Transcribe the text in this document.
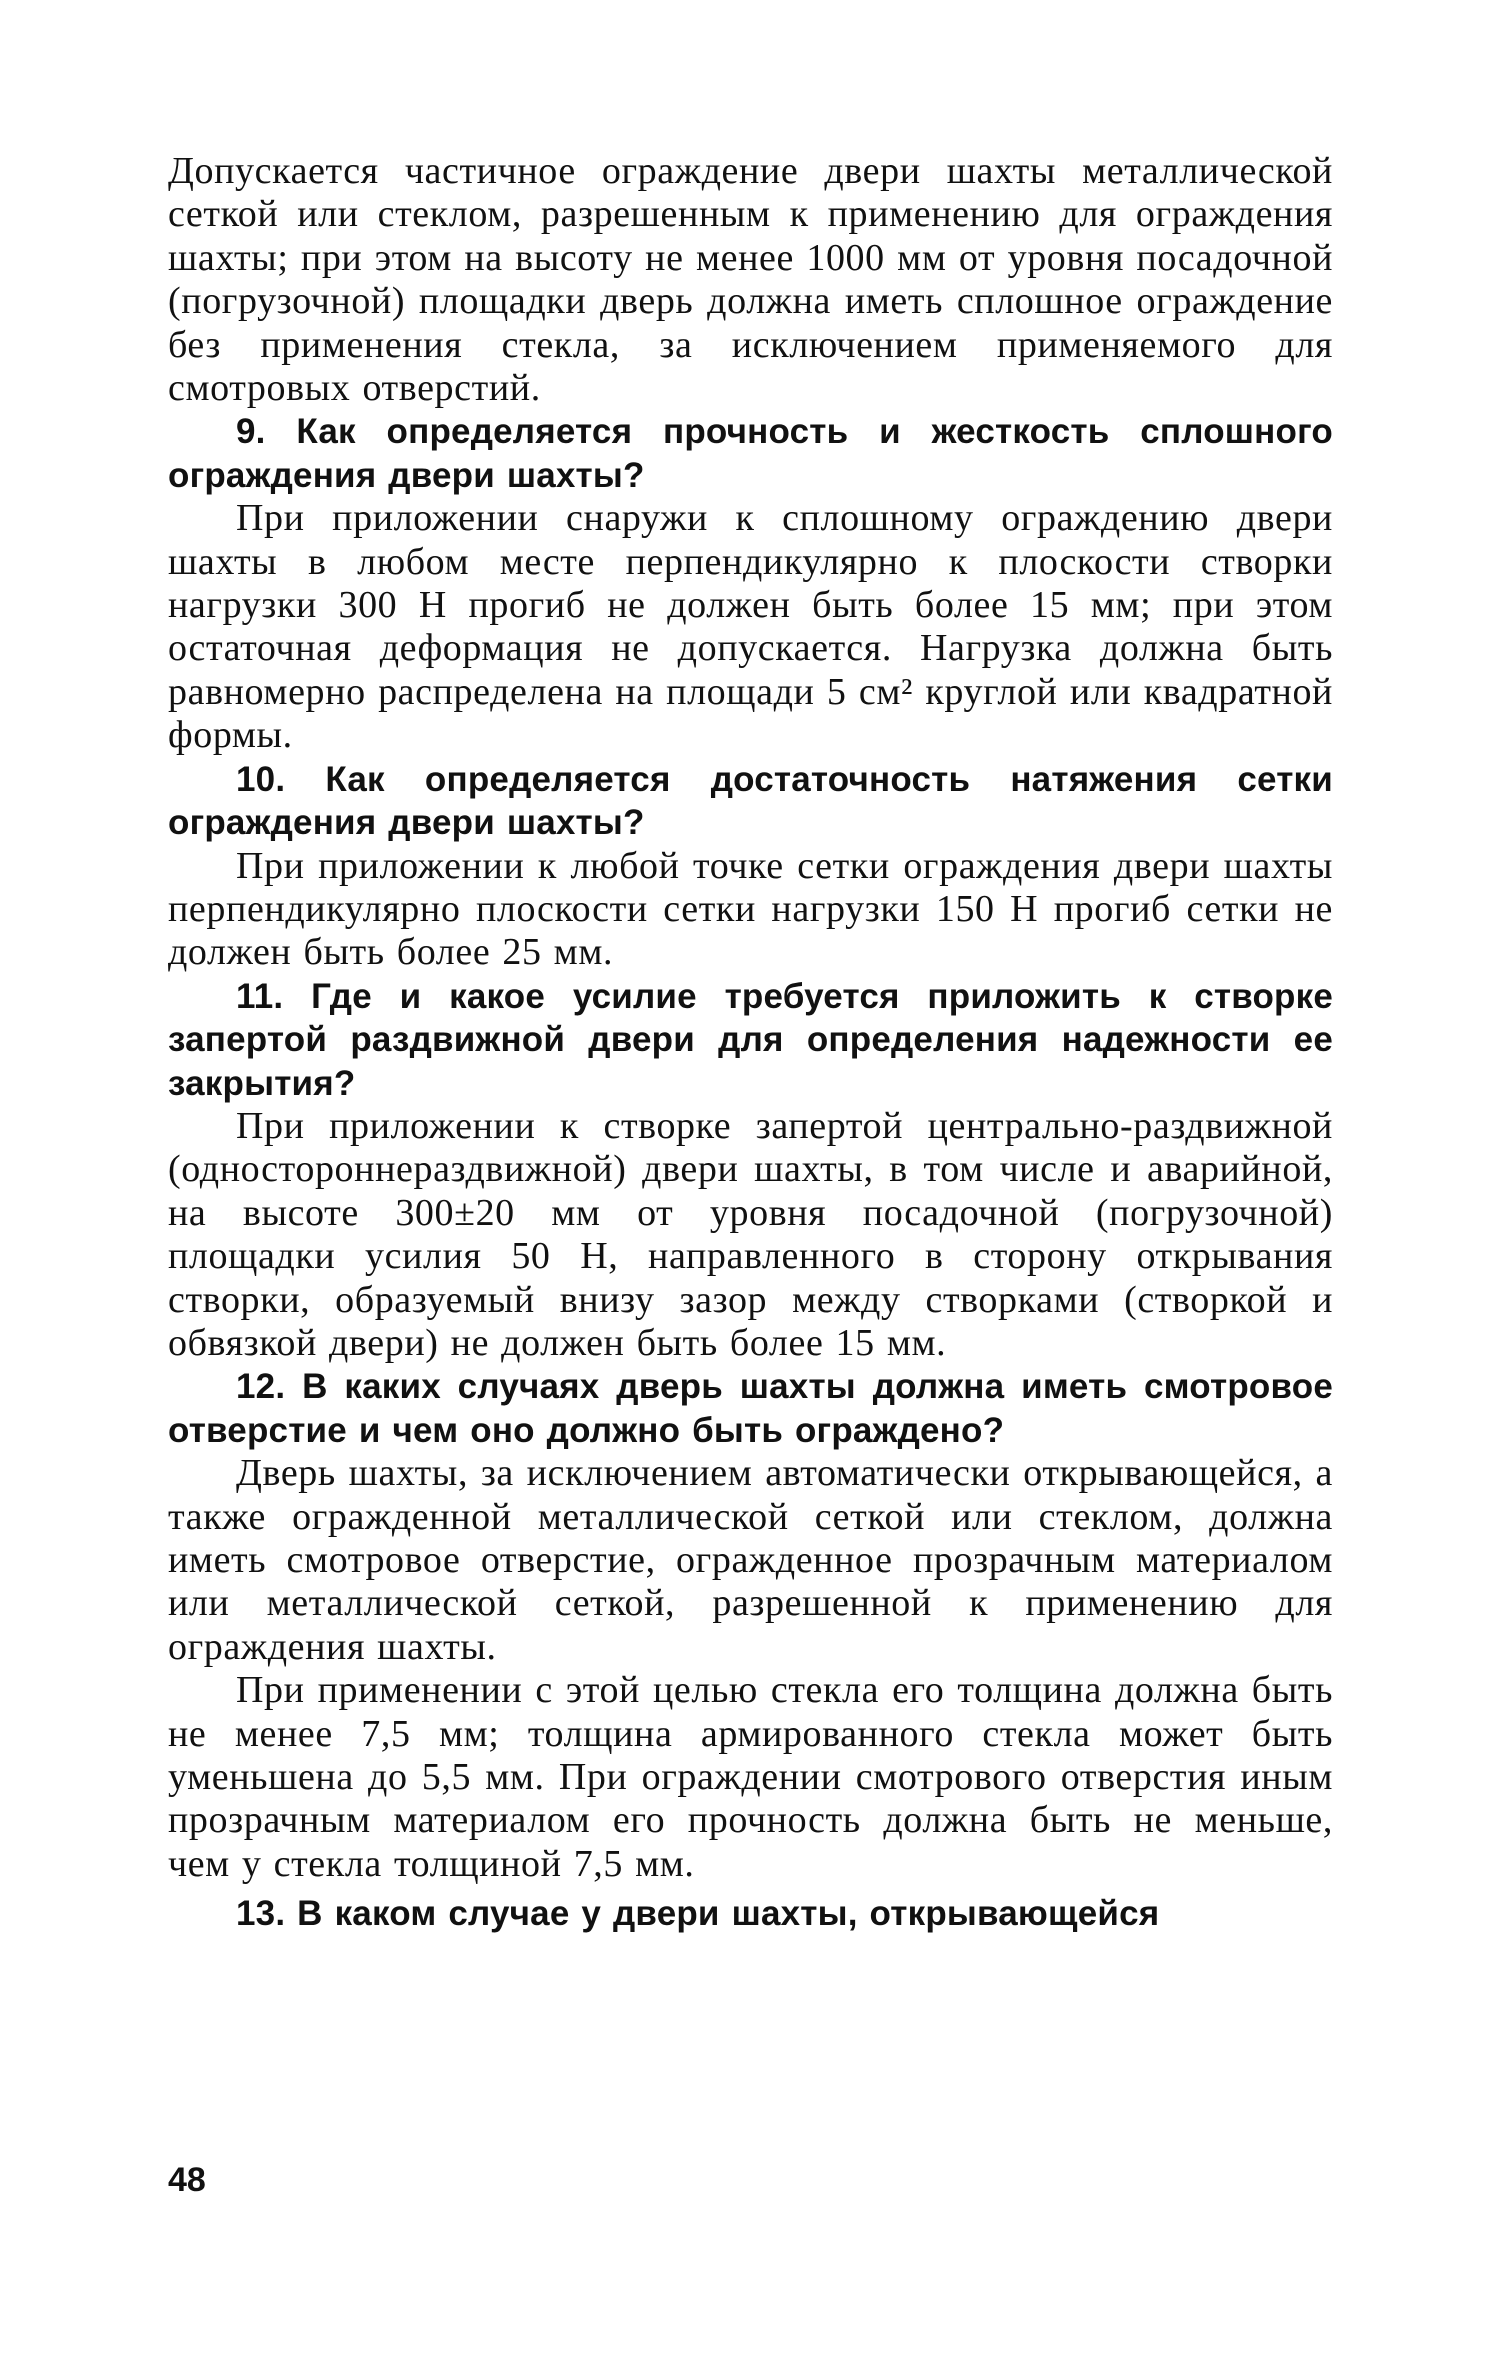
Допускается частичное ограждение двери шахты металлической сеткой или стеклом, разрешенным к применению для ограждения шахты; при этом на высоту не менее 1000 мм от уровня посадочной (погрузочной) площадки дверь должна иметь сплошное ограждение без применения стекла, за исключением применяемого для смотровых отверстий.

9. Как определяется прочность и жесткость сплошного ограждения двери шахты?

При приложении снаружи к сплошному ограждению двери шахты в любом месте перпендикулярно к плоскости створки нагрузки 300 Н прогиб не должен быть более 15 мм; при этом остаточная деформация не допускается. Нагрузка должна быть равномерно распределена на площади 5 см² круглой или квадратной формы.

10. Как определяется достаточность натяжения сетки ограждения двери шахты?

При приложении к любой точке сетки ограждения двери шахты перпендикулярно плоскости сетки нагрузки 150 Н прогиб сетки не должен быть более 25 мм.

11. Где и какое усилие требуется приложить к створке запертой раздвижной двери для определения надежности ее закрытия?

При приложении к створке запертой центрально-раздвижной (одностороннераздвижной) двери шахты, в том числе и аварийной, на высоте 300±20 мм от уровня посадочной (погрузочной) площадки усилия 50 Н, направленного в сторону открывания створки, образуемый внизу зазор между створками (створкой и обвязкой двери) не должен быть более 15 мм.

12. В каких случаях дверь шахты должна иметь смотровое отверстие и чем оно должно быть ограждено?

Дверь шахты, за исключением автоматически открывающейся, а также огражденной металлической сеткой или стеклом, должна иметь смотровое отверстие, огражденное прозрачным материалом или металлической сеткой, разрешенной к применению для ограждения шахты.

При применении с этой целью стекла его толщина должна быть не менее 7,5 мм; толщина армированного стекла может быть уменьшена до 5,5 мм. При ограждении смотрового отверстия иным прозрачным материалом его прочность должна быть не меньше, чем у стекла толщиной 7,5 мм.

13. В каком случае у двери шахты, открывающейся

48
